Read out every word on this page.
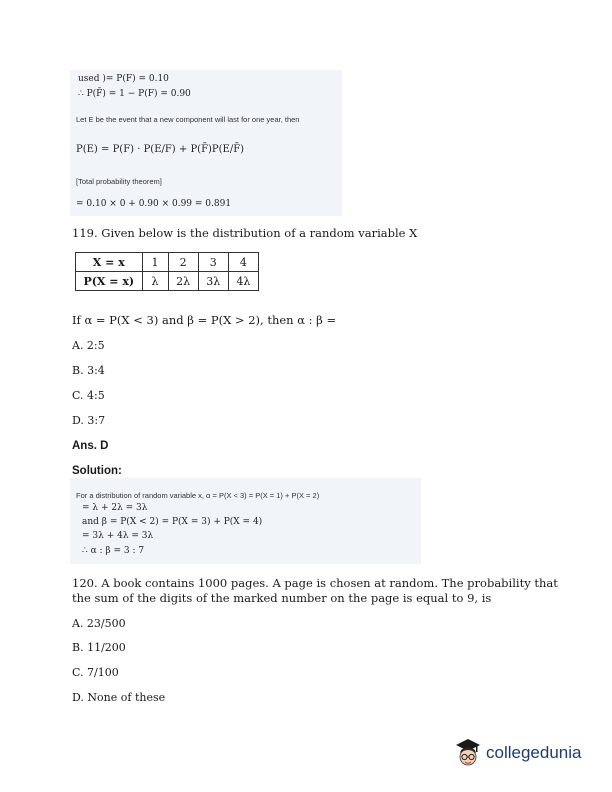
used )= P(F) = 0.10
∴ P(F̄) = 1 − P(F) = 0.90
Let E be the event that a new component will last for one year, then
P(E) = P(F) · P(E/F) + P(F̄)P(E/F̄)
[Total probability theorem]
= 0.10 × 0 + 0.90 × 0.99 = 0.891
119. Given below is the distribution of a random variable X
X = x	1	2	3	4
P(X = x)	λ	2λ	3λ	4λ
If α = P(X < 3) and β = P(X > 2), then α : β =
A. 2:5
B. 3:4
C. 4:5
D. 3:7
Ans. D
Solution:
For a distribution of random variable x, α = P(X < 3) = P(X = 1) + P(X = 2)
= λ + 2λ = 3λ
and β = P(X < 2) = P(X = 3) + P(X = 4)
= 3λ + 4λ = 3λ
∴ α : β = 3 : 7
120. A book contains 1000 pages. A page is chosen at random. The probability that
the sum of the digits of the marked number on the page is equal to 9, is
A. 23/500
B. 11/200
C. 7/100
D. None of these
collegedunia
